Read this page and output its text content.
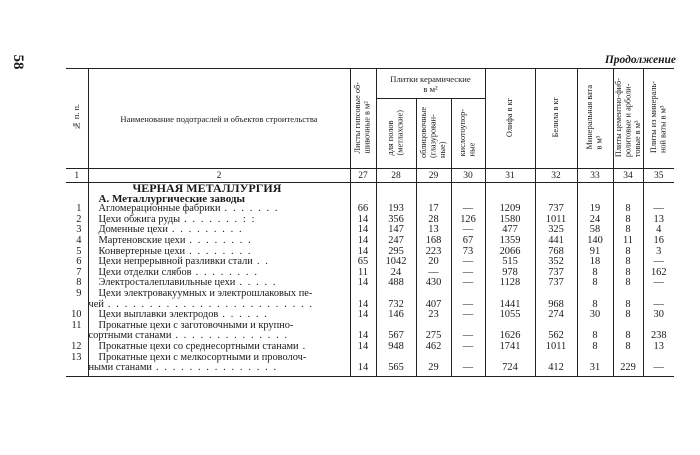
58	Продолжение
№ п. п.	Наименование подотраслей и объектов строительства	Листы гипсовые об-
шивочные в м²	Плитки керамические
в м²			Олифа в кг	Белила в кг	Минеральная вата
в м³	Плиты цементно-фиб-
ролитовые и арболи-
товые в м³	Плиты из минераль-
ной ваты в м³
			для полов
(метлахские)	облицовочные
(глазурован-
ные)	кислотоупор-
ные					
1	2	27	28	29	30	31	32	33	34	35
	ЧЕРНАЯ МЕТАЛЛУРГИЯ									
	А. Металлургические заводы									
1	Агломерационные фабрики . . . . . . .	66	193	17	—	1209	737	19	8	—
2	Цехи обжига руды . . . . . . . : :	14	356	28	126	1580	1011	24	8	13
3	Доменные цехи . . . . . . . . .	14	147	13	—	477	325	58	8	4
4	Мартеновские цехи . . . . . . . .	14	247	168	67	1359	441	140	11	16
5	Конвертерные цехи . . . . . . . .	14	295	223	73	2066	768	91	8	3
6	Цехи непрерывной разливки стали . .	65	1042	20	—	515	352	18	8	—
7	Цехи отделки слябов . . . . . . . .	11	24	—	—	978	737	8	8	162
8	Электросталеплавильные цехи . . . . .	14	488	430	—	1128	737	8	8	—
9	Цехи электровакуумных и электрошлаковых пе-
чей . . . . . . . . . . . . . . . . . . . . . . . . .	14	732	407	—	1441	968	8	8	—
10	Цехи выплавки электродов . . . . . .	14	146	23	—	1055	274	30	8	30
11	Прокатные цехи с заготовочными и крупно-
сортными станами . . . . . . . . . . . . . .	14	567	275	—	1626	562	8	8	238
12	Прокатные цехи со среднесортными станами .	14	948	462	—	1741	1011	8	8	13
13	Прокатные цехи с мелкосортными и проволоч-
ными станами . . . . . . . . . . . . . . .	14	565	29	—	724	412	31	229	—
